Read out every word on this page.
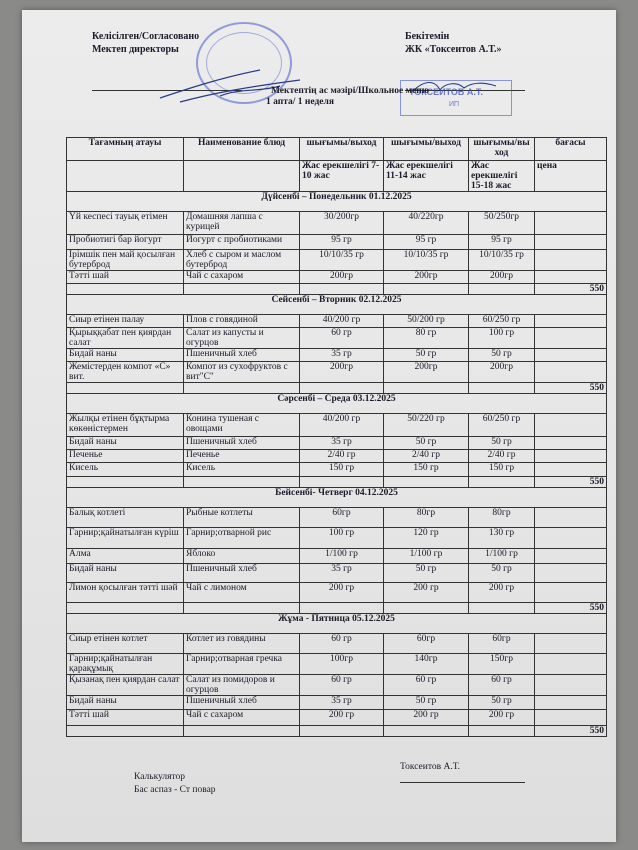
Келісілген/Согласовано
Мектеп директоры
Бекітемін
ЖК «Токсеитов А.Т.»
ТОКСЕИТОВ А.Т.
ИП
Мектептің ас мәзірі/Школьное меню
1 апта/ 1 неделя
Тағамның атауы	Наименование блюд	шығымы/выход	шығымы/выход	шығымы/вы ход	бағасы
		Жас ерекшелігі 7-10 жас	Жас ерекшелігі 11-14 жас	Жас ерекшелігі 15-18 жас	цена
Дүйсенбі – Понедельник 01.12.2025					
Үй кеспесі тауық етімен	Домашняя лапша с курицей	30/200гр	40/220гр	50/250гр	
Пробиотигі бар йогурт	Йогурт с пробиотиками	95 гр	95 гр	95 гр	
Ірімшік пен май қосылған бутерброд	Хлеб с сыром и маслом бутерброд	10/10/35 гр	10/10/35 гр	10/10/35 гр	
Тәтті шай	Чай с сахаром	200гр	200гр	200гр	
					550
Сейсенбі – Вторник 02.12.2025					
Сиыр етінен палау	Плов с говядиной	40/200 гр	50/200 гр	60/250 гр	
Қырыққабат пен қиярдан салат	Салат из капусты и огурцов	60 гр	80 гр	100 гр	
Бидай наны	Пшеничный хлеб	35 гр	50 гр	50 гр	
Жемістерден компот «С» вит.	Компот из сухофруктов с вит"С"	200гр	200гр	200гр	
					550
Сәрсенбі – Среда 03.12.2025					
Жылқы етінен бұқтырма көкөністермен	Конина тушеная с овощами	40/200 гр	50/220 гр	60/250 гр	
Бидай наны	Пшеничный хлеб	35 гр	50 гр	50 гр	
Печенье	Печенье	2/40 гр	2/40 гр	2/40 гр	
Кисель	Кисель	150 гр	150 гр	150 гр	
					550
Бейсенбі- Четверг 04.12.2025					
Балық котлеті	Рыбные котлеты	60гр	80гр	80гр	
Гарнир;қайнатылған күріш	Гарнир;отварной рис	100 гр	120 гр	130 гр	
Алма	Яблоко	1/100 гр	1/100 гр	1/100 гр	
Бидай наны	Пшеничный хлеб	35 гр	50 гр	50 гр	
Лимон қосылған тәтті шәй	Чай с лимоном	200 гр	200 гр	200 гр	
					550
Жұма - Пятница 05.12.2025					
Сиыр етінен котлет	Котлет из говядины	60 гр	60гр	60гр	
Гарнир;қайнатылған қарақұмық	Гарнир;отварная гречка	100гр	140гр	150гр	
Қызанақ пен қиярдан салат	Салат из помидоров и огурцов	60 гр	60 гр	60 гр	
Бидай наны	Пшеничный хлеб	35 гр	50 гр	50 гр	
Тәтті шай	Чай с сахаром	200 гр	200 гр	200 гр	
					550
Калькулятор
Бас аспаз - Ст повар
Токсеитов А.Т.
